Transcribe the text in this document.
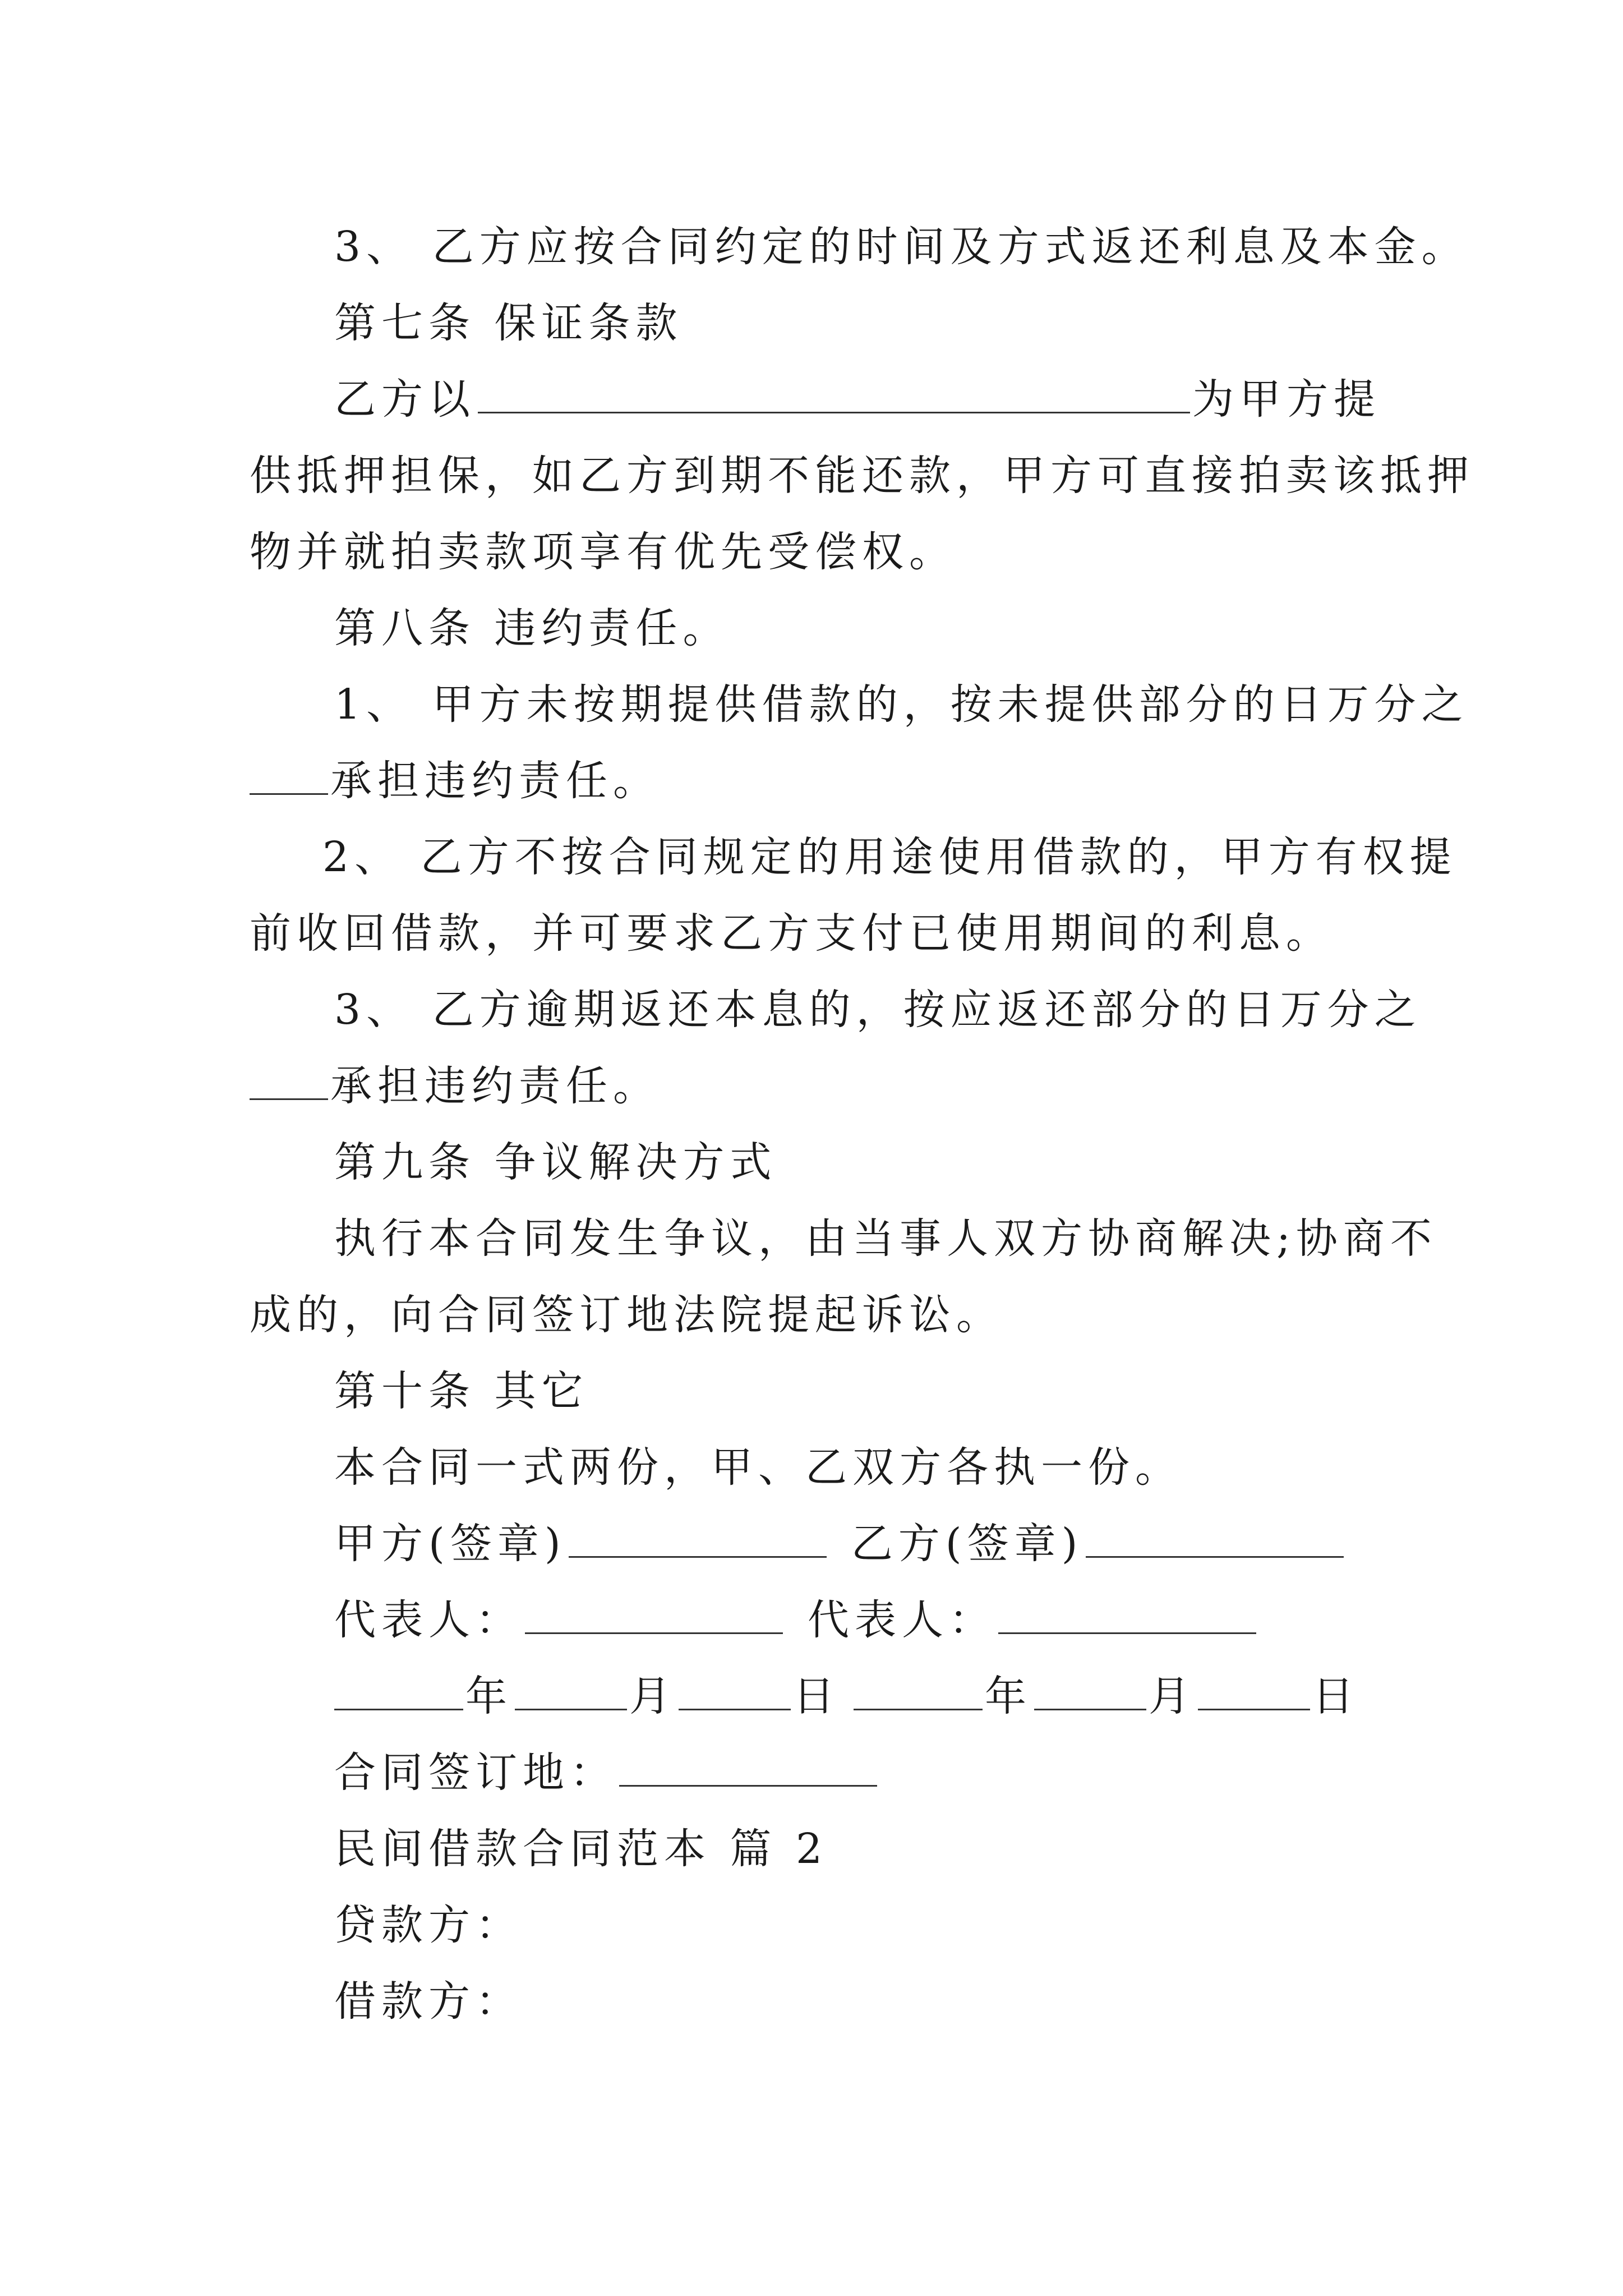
3、 乙方应按合同约定的时间及方式返还利息及本金。
第七条 保证条款
乙方以	为甲方提
供抵押担保，如乙方到期不能还款，甲方可直接拍卖该抵押
物并就拍卖款项享有优先受偿权。
第八条 违约责任。
1、 甲方未按期提供借款的，按未提供部分的日万分之
承担违约责任。
2、 乙方不按合同规定的用途使用借款的，甲方有权提
前收回借款，并可要求乙方支付已使用期间的利息。
3、 乙方逾期返还本息的，按应返还部分的日万分之
承担违约责任。
第九条 争议解决方式
执行本合同发生争议，由当事人双方协商解决;协商不
成的，向合同签订地法院提起诉讼。
第十条 其它
本合同一式两份，甲、乙双方各执一份。
甲方(签章)	乙方(签章)
代表人：	代表人：
年	月	日	年	月	日
合同签订地：
民间借款合同范本 篇 2
贷款方：
借款方：
